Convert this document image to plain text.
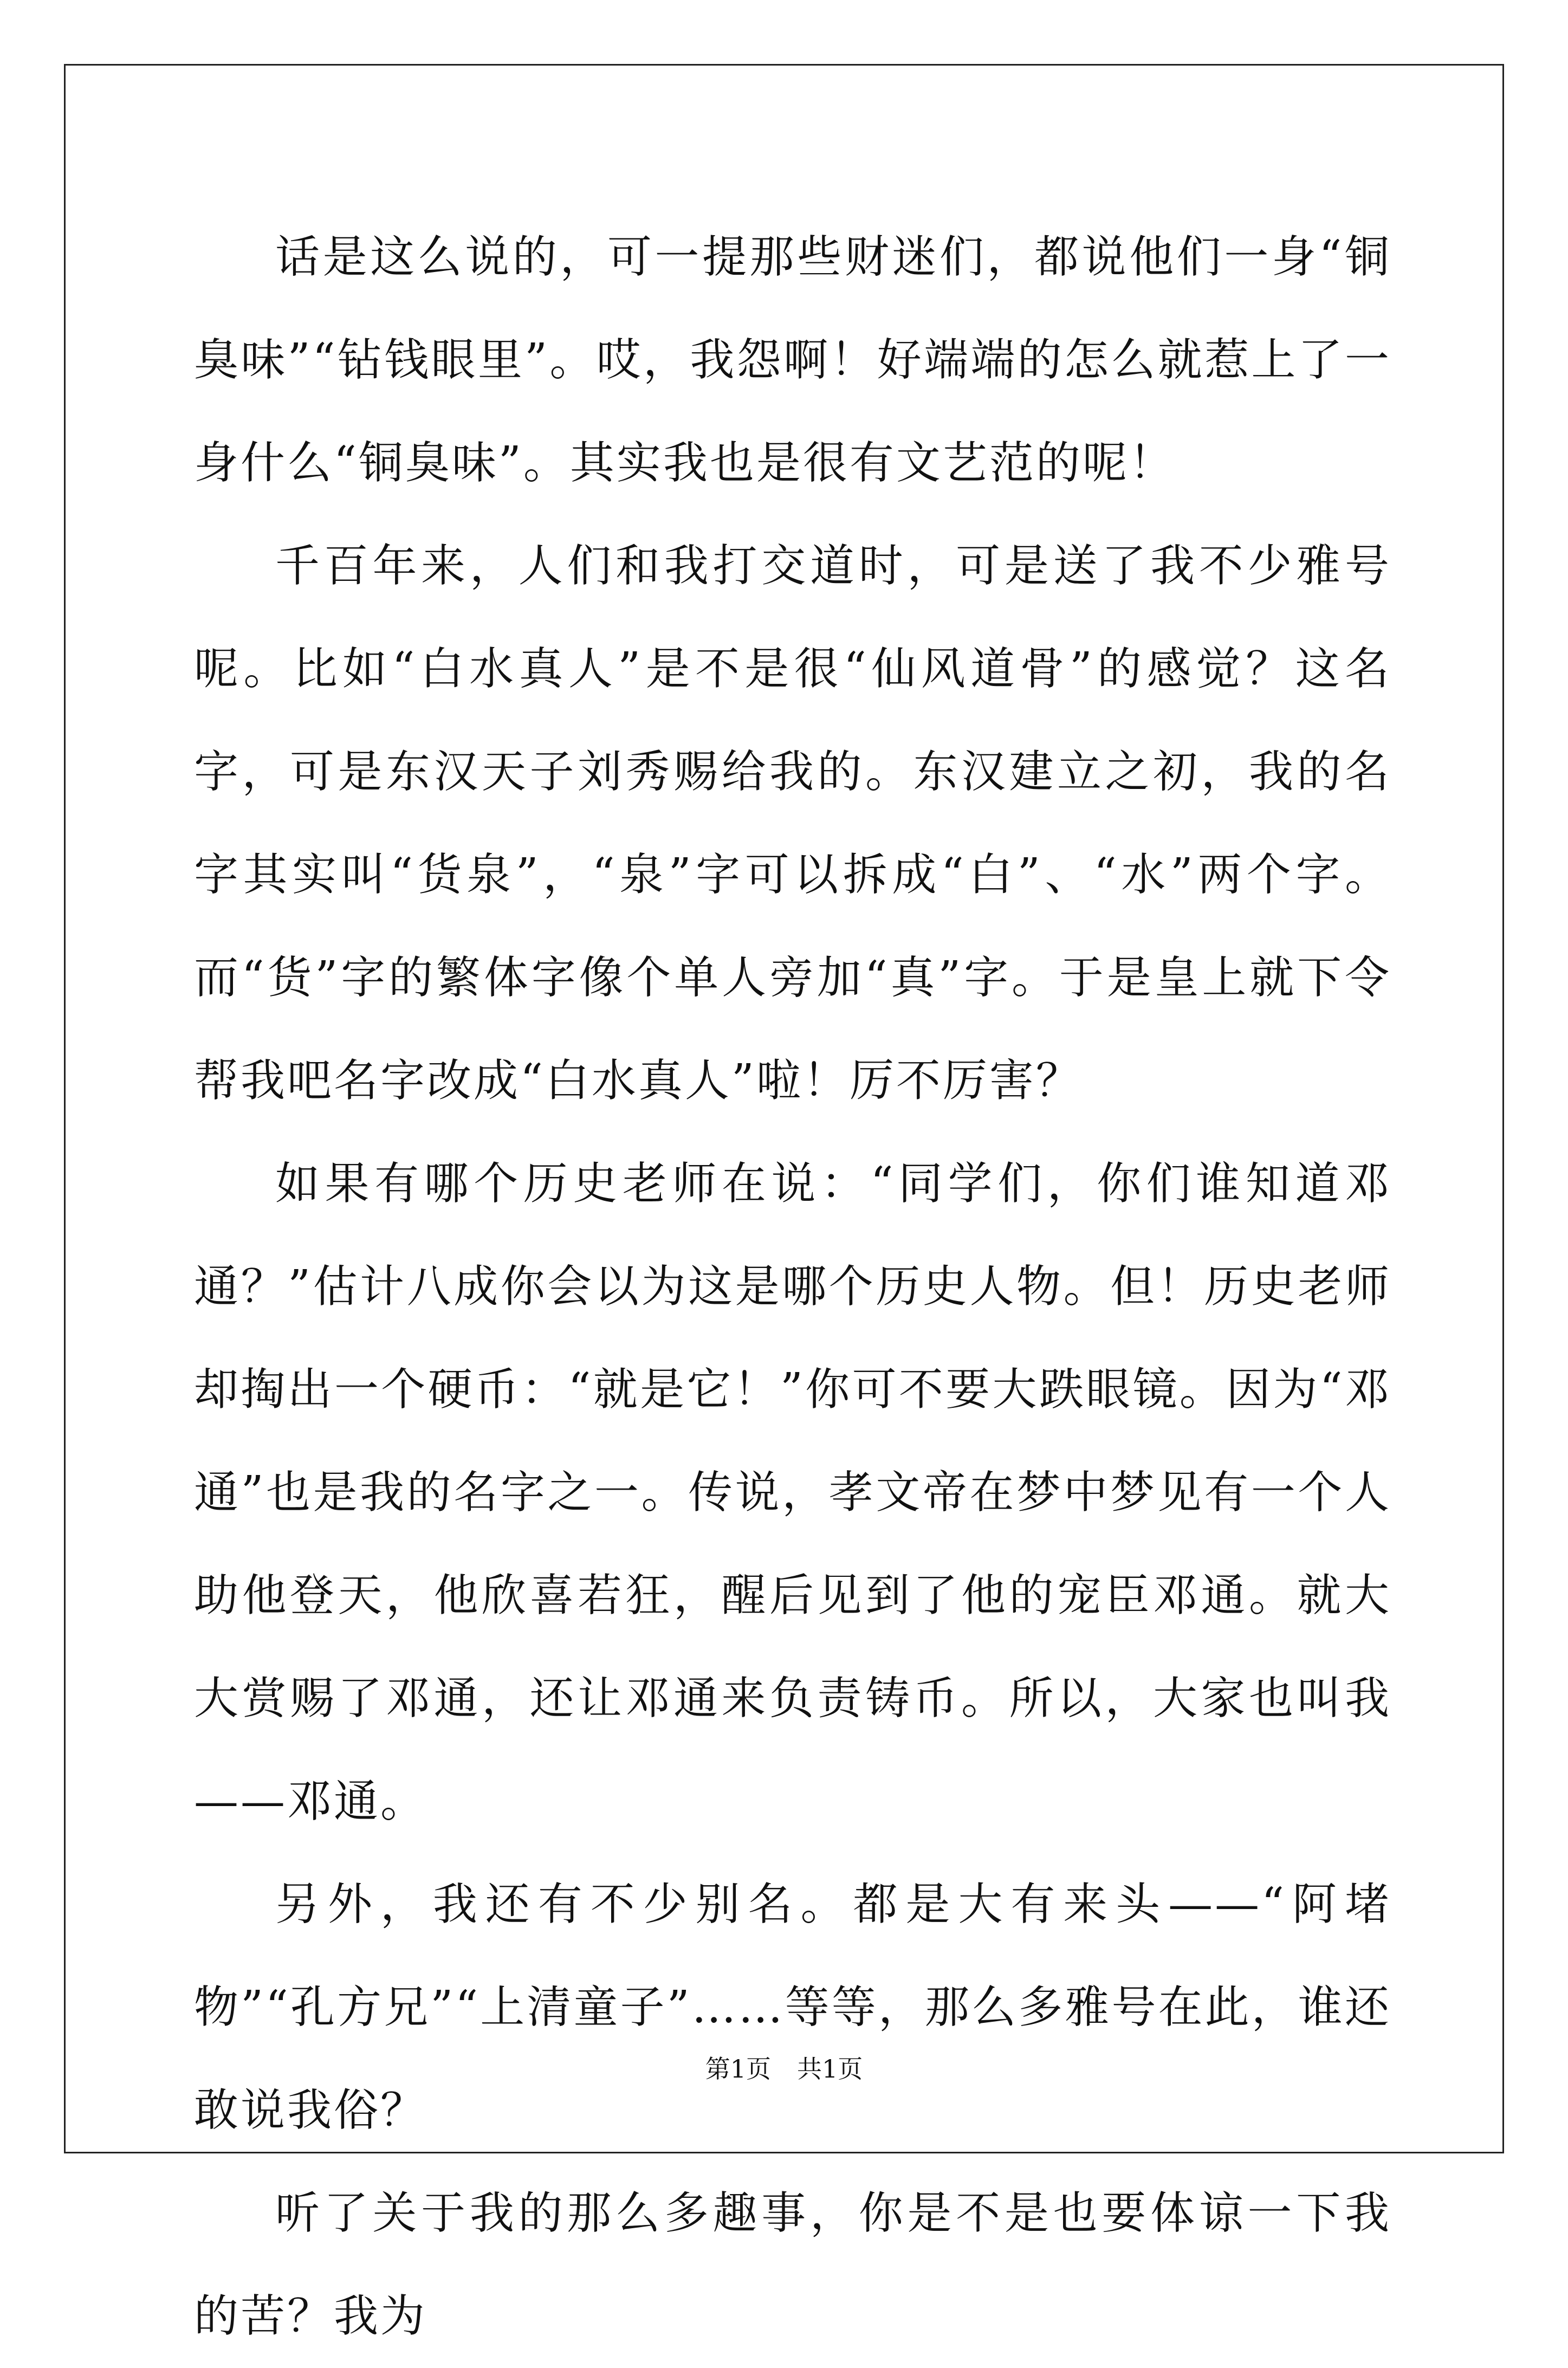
话是这么说的，可一提那些财迷们，都说他们一身“铜臭味”“钻钱眼里”。哎，我怨啊！好端端的怎么就惹上了一身什么“铜臭味”。其实我也是很有文艺范的呢！

千百年来，人们和我打交道时，可是送了我不少雅号呢。比如“白水真人”是不是很“仙风道骨”的感觉？这名字，可是东汉天子刘秀赐给我的。东汉建立之初，我的名字其实叫“货泉”，“泉”字可以拆成“白”、“水”两个字。而“货”字的繁体字像个单人旁加“真”字。于是皇上就下令帮我吧名字改成“白水真人”啦！厉不厉害？

如果有哪个历史老师在说：“同学们，你们谁知道邓通？”估计八成你会以为这是哪个历史人物。但！历史老师却掏出一个硬币：“就是它！”你可不要大跌眼镜。因为“邓通”也是我的名字之一。传说，孝文帝在梦中梦见有一个人助他登天，他欣喜若狂，醒后见到了他的宠臣邓通。就大大赏赐了邓通，还让邓通来负责铸币。所以，大家也叫我——邓通。

另外，我还有不少别名。都是大有来头——“阿堵物”“孔方兄”“上清童子”……等等，那么多雅号在此，谁还敢说我俗？

听了关于我的那么多趣事，你是不是也要体谅一下我的苦？我为

第1页 共1页
